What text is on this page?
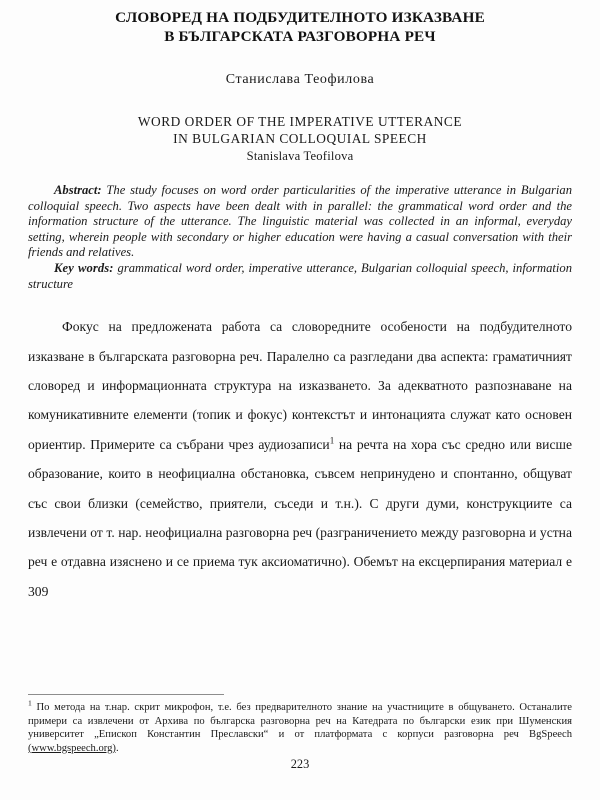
СЛОВОРЕД НА ПОДБУДИТЕЛНОТО ИЗКАЗВАНЕ
В БЪЛГАРСКАТА РАЗГОВОРНА РЕЧ
Станислава Теофилова
WORD ORDER OF THE IMPERATIVE UTTERANCE
IN BULGARIAN COLLOQUIAL SPEECH
Stanislava Teofilova

Abstract: The study focuses on word order particularities of the imperative utterance in Bulgarian colloquial speech. Two aspects have been dealt with in parallel: the grammatical word order and the information structure of the utterance. The linguistic material was collected in an informal, everyday setting, wherein people with secondary or higher education were having a casual conversation with their friends and relatives.

Key words: grammatical word order, imperative utterance, Bulgarian colloquial speech, information structure

Фокус на предложената работа са словоредните особености на подбудителното изказване в българската разговорна реч. Паралелно са разгледани два аспекта: граматичният словоред и информационната структура на изказването. За адекватното разпознаване на комуникативните елементи (топик и фокус) контекстът и интонацията служат като основен ориентир. Примерите са събрани чрез аудиозаписи$^1$ на речта на хора със средно или висше образование, които в неофициална обстановка, съвсем непринудено и спонтанно, общуват със свои близки (семейство, приятели, съседи и т.н.). С други думи, конструкциите са извлечени от т. нар. неофициална разговорна реч (разграничението между разговорна и устна реч е отдавна изяснено и се приема тук аксиоматично). Обемът на ексцерпирания материал е 309

$^1$ По метода на т.нар. скрит микрофон, т.е. без предварителното знание на участниците в общуването. Останалите примери са извлечени от Архива по българска разговорна реч на Катедрата по български език при Шуменския университет „Епископ Константин Преславски“ и от платформата с корпуси разговорна реч BgSpeech (www.bgspeech.org).

223
